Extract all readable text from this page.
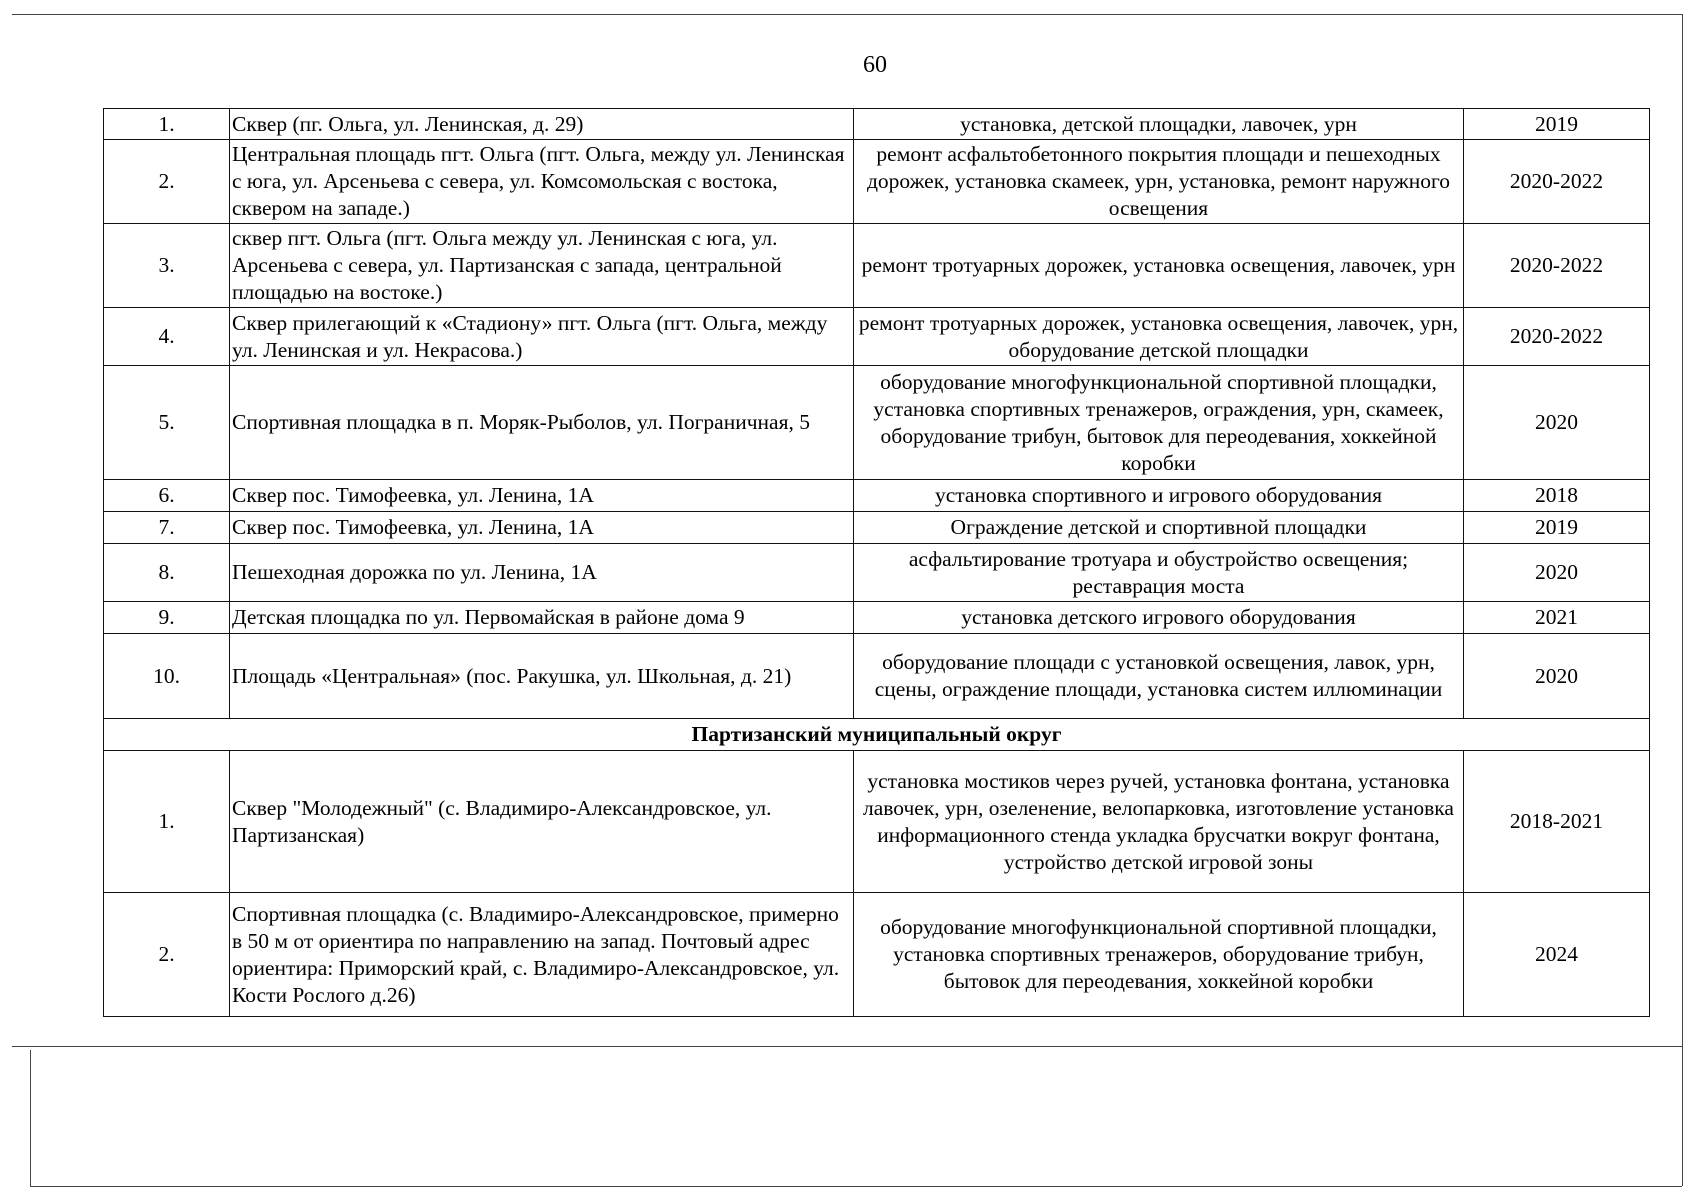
60
1.	Сквер (пг. Ольга, ул. Ленинская, д. 29)	установка, детской площадки, лавочек, урн	2019
2.	Центральная площадь пгт. Ольга (пгт. Ольга, между ул. Ленинская с юга, ул. Арсеньева с севера, ул. Комсомольская с востока, сквером на западе.)	ремонт асфальтобетонного покрытия площади и пешеходных дорожек, установка скамеек, урн, установка, ремонт наружного освещения	2020-2022
3.	сквер пгт. Ольга (пгт. Ольга между ул. Ленинская с юга, ул. Арсеньева с севера, ул. Партизанская с запада, центральной площадью на востоке.)	ремонт тротуарных дорожек, установка освещения, лавочек, урн	2020-2022
4.	Сквер прилегающий к «Стадиону» пгт. Ольга (пгт. Ольга, между ул. Ленинская и ул. Некрасова.)	ремонт тротуарных дорожек, установка освещения, лавочек, урн, оборудование детской площадки	2020-2022
5.	Спортивная площадка в п. Моряк-Рыболов, ул. Пограничная, 5	оборудование многофункциональной спортивной площадки, установка спортивных тренажеров, ограждения, урн, скамеек, оборудование трибун, бытовок для переодевания, хоккейной коробки	2020
6.	Сквер пос. Тимофеевка, ул. Ленина, 1А	установка спортивного и игрового оборудования	2018
7.	Сквер пос. Тимофеевка, ул. Ленина, 1А	Ограждение детской и спортивной площадки	2019
8.	Пешеходная дорожка по ул. Ленина, 1А	асфальтирование тротуара и обустройство освещения; реставрация моста	2020
9.	Детская площадка по ул. Первомайская в районе дома 9	установка детского игрового оборудования	2021
10.	Площадь «Центральная» (пос. Ракушка, ул. Школьная, д. 21)	оборудование площади с установкой освещения, лавок, урн, сцены, ограждение площади, установка систем иллюминации	2020
Партизанский муниципальный округ			
1.	Сквер "Молодежный" (с. Владимиро-Александровское, ул. Партизанская)	установка мостиков через ручей, установка фонтана, установка лавочек, урн, озеленение, велопарковка, изготовление установка информационного стенда укладка брусчатки вокруг фонтана, устройство детской игровой зоны	2018-2021
2.	Спортивная площадка (с. Владимиро-Александровское, примерно в 50 м от ориентира по направлению на запад. Почтовый адрес ориентира: Приморский край, с. Владимиро-Александровское, ул. Кости Рослого д.26)	оборудование многофункциональной спортивной площадки, установка спортивных тренажеров, оборудование трибун, бытовок для переодевания, хоккейной коробки	2024
